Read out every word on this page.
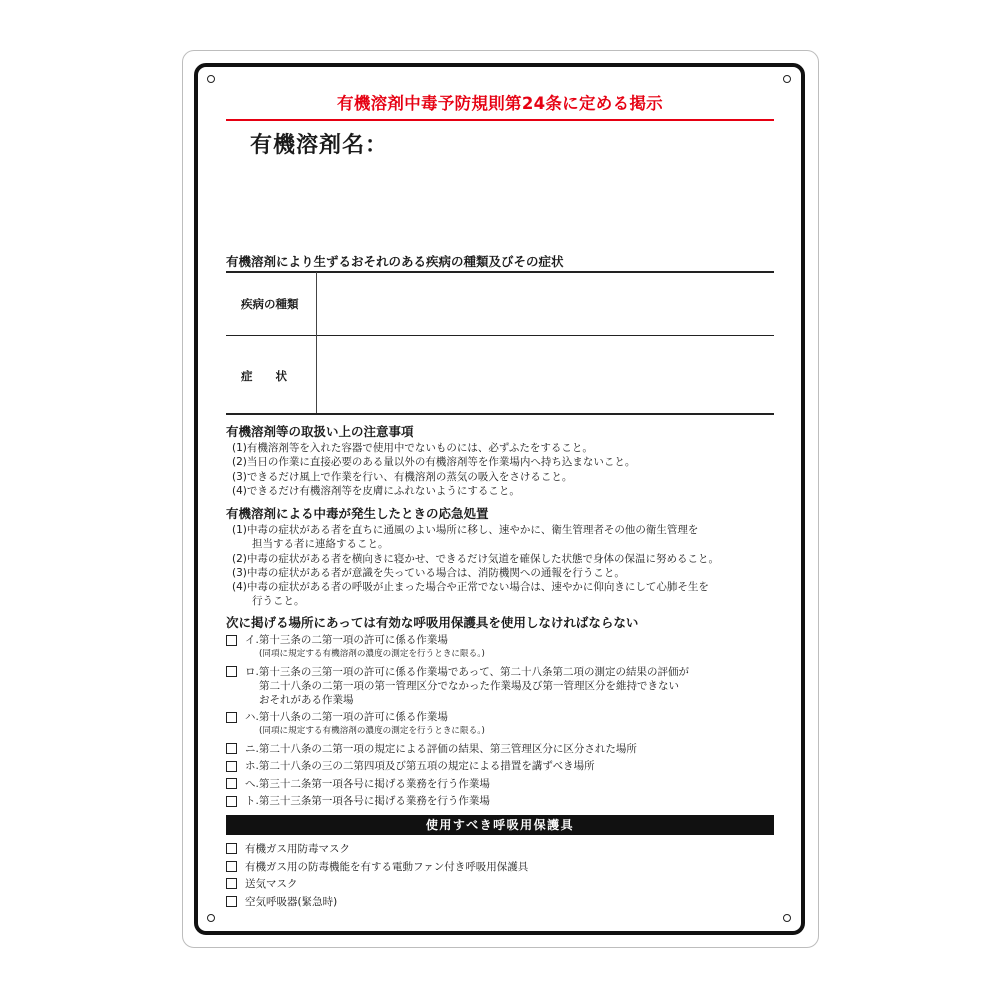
有機溶剤中毒予防規則第24条に定める掲示
有機溶剤名：
有機溶剤により生ずるおそれのある疾病の種類及びその症状
疾病の種類
症　　状
有機溶剤等の取扱い上の注意事項
(1)有機溶剤等を入れた容器で使用中でないものには、必ずふたをすること。
(2)当日の作業に直接必要のある量以外の有機溶剤等を作業場内へ持ち込まないこと。
(3)できるだけ風上で作業を行い、有機溶剤の蒸気の吸入をさけること。
(4)できるだけ有機溶剤等を皮膚にふれないようにすること。
有機溶剤による中毒が発生したときの応急処置
(1)中毒の症状がある者を直ちに通風のよい場所に移し、速やかに、衛生管理者その他の衛生管理を
担当する者に連絡すること。
(2)中毒の症状がある者を横向きに寝かせ、できるだけ気道を確保した状態で身体の保温に努めること。
(3)中毒の症状がある者が意識を失っている場合は、消防機関への通報を行うこと。
(4)中毒の症状がある者の呼吸が止まった場合や正常でない場合は、速やかに仰向きにして心肺そ生を
行うこと。
次に掲げる場所にあっては有効な呼吸用保護具を使用しなければならない
イ.第十三条の二第一項の許可に係る作業場
(同項に規定する有機溶剤の濃度の測定を行うときに限る。)
ロ.第十三条の三第一項の許可に係る作業場であって、第二十八条第二項の測定の結果の評価が
第二十八条の二第一項の第一管理区分でなかった作業場及び第一管理区分を維持できない
おそれがある作業場
ハ.第十八条の二第一項の許可に係る作業場
(同項に規定する有機溶剤の濃度の測定を行うときに限る。)
ニ.第二十八条の二第一項の規定による評価の結果、第三管理区分に区分された場所
ホ.第二十八条の三の二第四項及び第五項の規定による措置を講ずべき場所
へ.第三十二条第一項各号に掲げる業務を行う作業場
ト.第三十三条第一項各号に掲げる業務を行う作業場
使用すべき呼吸用保護具
有機ガス用防毒マスク
有機ガス用の防毒機能を有する電動ファン付き呼吸用保護具
送気マスク
空気呼吸器(緊急時)
